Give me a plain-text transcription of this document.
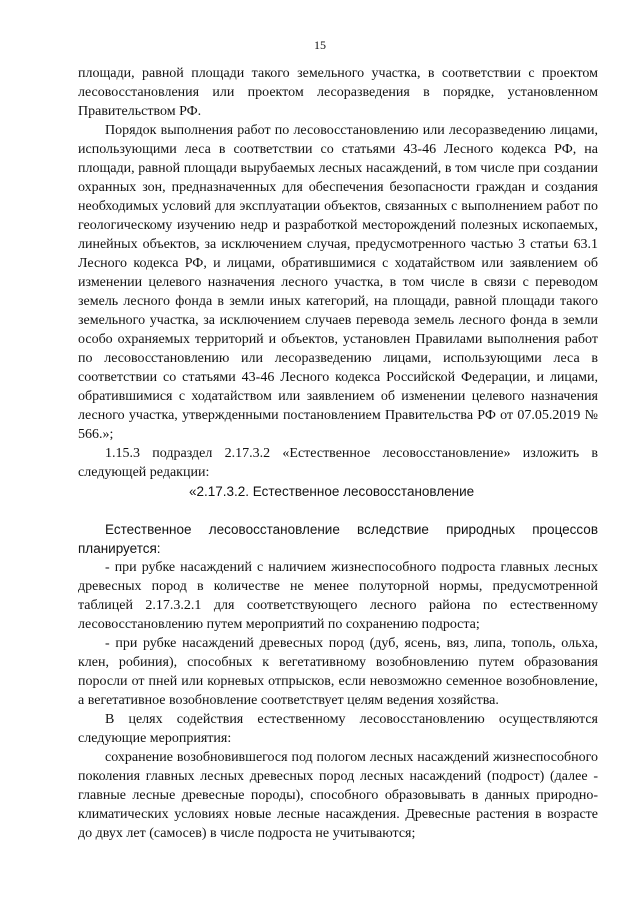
15

площади, равной площади такого земельного участка, в соответствии с проектом лесовосстановления или проектом лесоразведения в порядке, установленном Правительством РФ.

Порядок выполнения работ по лесовосстановлению или лесоразведению лицами, использующими леса в соответствии со статьями 43-46 Лесного кодекса РФ, на площади, равной площади вырубаемых лесных насаждений, в том числе при создании охранных зон, предназначенных для обеспечения безопасности граждан и создания необходимых условий для эксплуатации объектов, связанных с выполнением работ по геологическому изучению недр и разработкой месторождений полезных ископаемых, линейных объектов, за исключением случая, предусмотренного частью 3 статьи 63.1 Лесного кодекса РФ, и лицами, обратившимися с ходатайством или заявлением об изменении целевого назначения лесного участка, в том числе в связи с переводом земель лесного фонда в земли иных категорий, на площади, равной площади такого земельного участка, за исключением случаев перевода земель лесного фонда в земли особо охраняемых территорий и объектов, установлен Правилами выполнения работ по лесовосстановлению или лесоразведению лицами, использующими леса в соответствии со статьями 43-46 Лесного кодекса Российской Федерации, и лицами, обратившимися с ходатайством или заявлением об изменении целевого назначения лесного участка, утвержденными постановлением Правительства РФ от 07.05.2019 № 566.»;

1.15.3 подраздел 2.17.3.2 «Естественное лесовосстановление» изложить в следующей редакции:

«2.17.3.2. Естественное лесовосстановление

Естественное лесовосстановление вследствие природных процессов планируется:

- при рубке насаждений с наличием жизнеспособного подроста главных лесных древесных пород в количестве не менее полуторной нормы, предусмотренной таблицей 2.17.3.2.1 для соответствующего лесного района по естественному лесовосстановлению путем мероприятий по сохранению подроста;

- при рубке насаждений древесных пород (дуб, ясень, вяз, липа, тополь, ольха, клен, робиния), способных к вегетативному возобновлению путем образования поросли от пней или корневых отпрысков, если невозможно семенное возобновление, а вегетативное возобновление соответствует целям ведения хозяйства.

В целях содействия естественному лесовосстановлению осуществляются следующие мероприятия:

сохранение возобновившегося под пологом лесных насаждений жизнеспособного поколения главных лесных древесных пород лесных насаждений (подрост) (далее - главные лесные древесные породы), способного образовывать в данных природно-климатических условиях новые лесные насаждения. Древесные растения в возрасте до двух лет (самосев) в числе подроста не учитываются;
